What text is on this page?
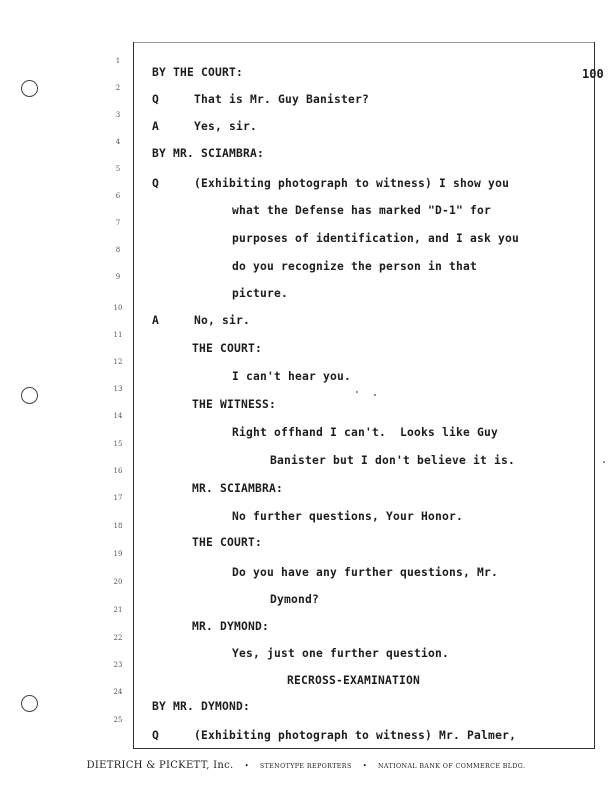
100
1
2
3
4
5
6
7
8
9
10
11
12
13
14
15
16
17
18
19
20
21
22
23
24
25
BY THE COURT:
Q     That is Mr. Guy Banister?
A     Yes, sir.
BY MR. SCIAMBRA:
Q     (Exhibiting photograph to witness) I show you
what the Defense has marked "D-1" for
purposes of identification, and I ask you
do you recognize the person in that
picture.
A     No, sir.
THE COURT:
I can't hear you.
THE WITNESS:
Right offhand I can't.  Looks like Guy
Banister but I don't believe it is.
MR. SCIAMBRA:
No further questions, Your Honor.
THE COURT:
Do you have any further questions, Mr.
Dymond?
MR. DYMOND:
Yes, just one further question.
RECROSS-EXAMINATION
BY MR. DYMOND:
Q     (Exhibiting photograph to witness) Mr. Palmer,
DIETRICH & PICKETT, Inc. • STENOTYPE REPORTERS • NATIONAL BANK OF COMMERCE BLDG.
